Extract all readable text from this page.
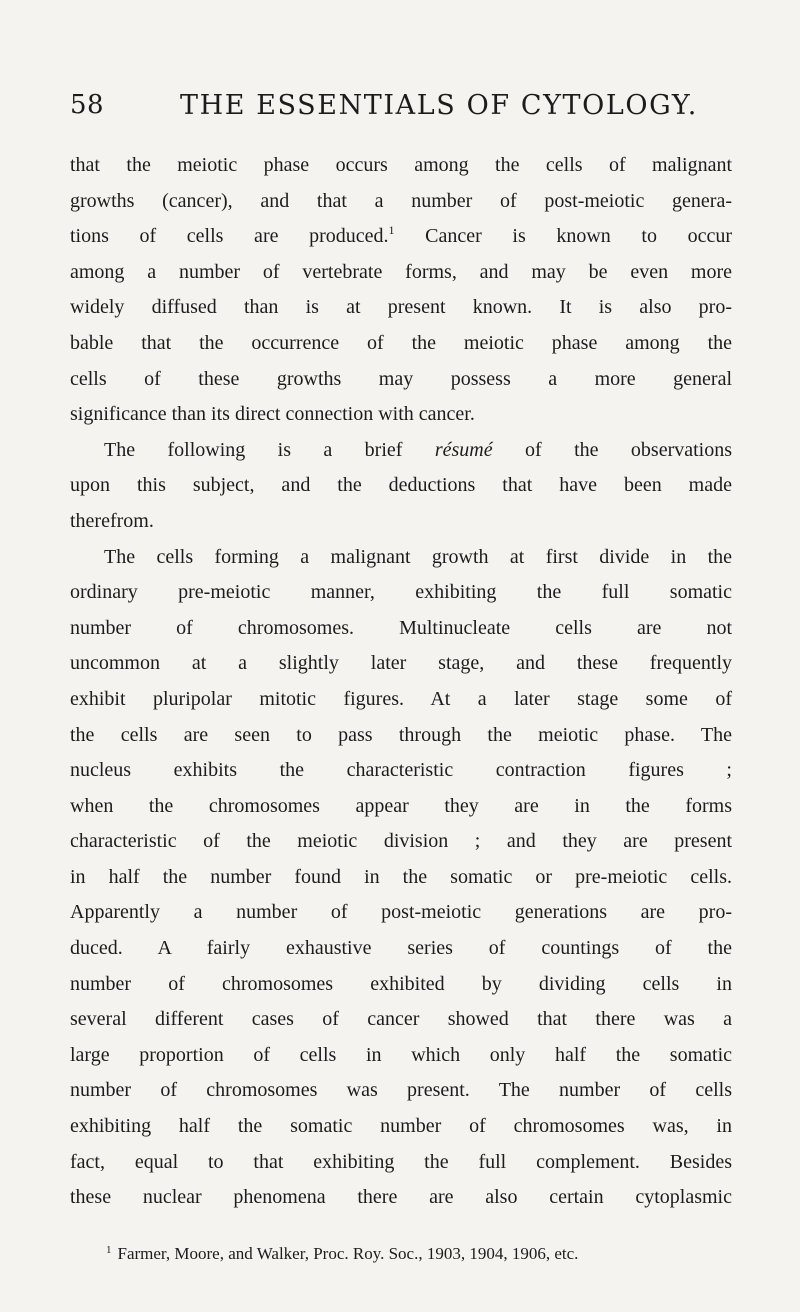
58	THE ESSENTIALS OF CYTOLOGY.
that the meiotic phase occurs among the cells of malignant
growths (cancer), and that a number of post-meiotic genera-
tions of cells are produced.$^1$ Cancer is known to occur
among a number of vertebrate forms, and may be even more
widely diffused than is at present known. It is also pro-
bable that the occurrence of the meiotic phase among the
cells of these growths may possess a more general
significance than its direct connection with cancer.
The following is a brief résumé of the observations
upon this subject, and the deductions that have been made
therefrom.
The cells forming a malignant growth at first divide in the
ordinary pre-meiotic manner, exhibiting the full somatic
number of chromosomes. Multinucleate cells are not
uncommon at a slightly later stage, and these frequently
exhibit pluripolar mitotic figures. At a later stage some of
the cells are seen to pass through the meiotic phase. The
nucleus exhibits the characteristic contraction figures ;
when the chromosomes appear they are in the forms
characteristic of the meiotic division ; and they are present
in half the number found in the somatic or pre-meiotic cells.
Apparently a number of post-meiotic generations are pro-
duced. A fairly exhaustive series of countings of the
number of chromosomes exhibited by dividing cells in
several different cases of cancer showed that there was a
large proportion of cells in which only half the somatic
number of chromosomes was present. The number of cells
exhibiting half the somatic number of chromosomes was, in
fact, equal to that exhibiting the full complement. Besides
these nuclear phenomena there are also certain cytoplasmic
$^1$ Farmer, Moore, and Walker, Proc. Roy. Soc., 1903, 1904, 1906, etc.
